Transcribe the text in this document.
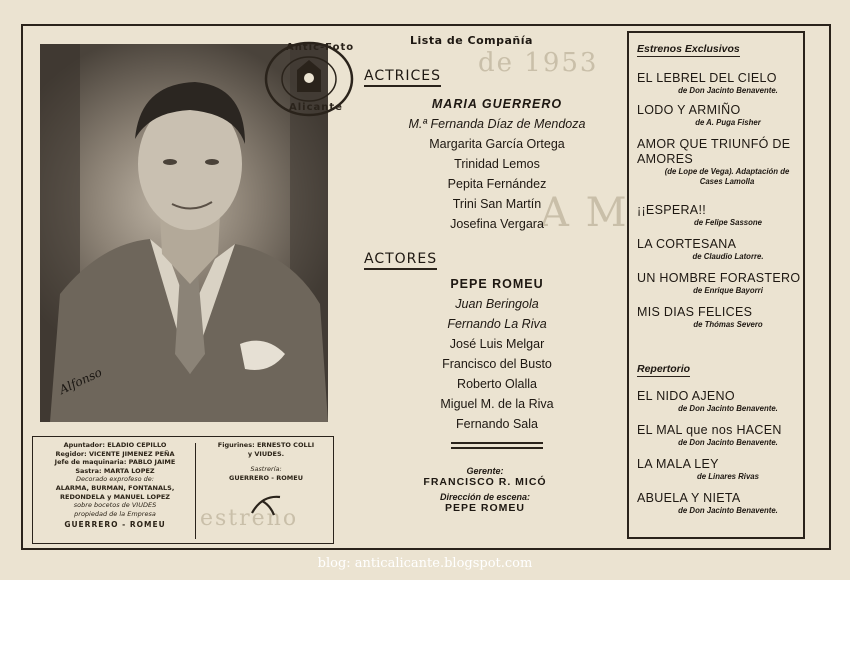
de 1953
A M
estreno
Alfonso
Antic-Foto
Alicante
Apuntador: ELADIO CEPILLO
Regidor: VICENTE JIMENEZ PEÑA
Jefe de maquinaria: PABLO JAIME
Sastra: MARTA LOPEZ
Decorado exprofeso de:
ALARMA, BURMAN, FONTANALS,
REDONDELA y MANUEL LOPEZ
sobre bocetos de VIUDES
propiedad de la Empresa
GUERRERO - ROMEU
Figurines: ERNESTO COLLI
y VIUDES.
Sastrería:
GUERRERO - ROMEU
Lista de Compañía
ACTRICES
MARIA GUERRERO
M.ª Fernanda Díaz de Mendoza
Margarita García Ortega
Trinidad Lemos
Pepita Fernández
Trini San Martín
Josefina Vergara
ACTORES
PEPE ROMEU
Juan Beringola
Fernando La Riva
José Luis Melgar
Francisco del Busto
Roberto Olalla
Miguel M. de la Riva
Fernando Sala
Gerente:
FRANCISCO R. MICÓ
Dirección de escena:
PEPE ROMEU
Estrenos Exclusivos
EL LEBREL DEL CIELO
de Don Jacinto Benavente.
LODO Y ARMIÑO
de A. Puga Fisher
AMOR QUE TRIUNFÓ DE AMORES
(de Lope de Vega). Adaptación de Cases Lamolla
¡¡ESPERA!!
de Felipe Sassone
LA CORTESANA
de Claudio Latorre.
UN HOMBRE FORASTERO
de Enrique Bayorri
MIS DIAS FELICES
de Thómas Severo
Repertorio
EL NIDO AJENO
de Don Jacinto Benavente.
EL MAL que nos HACEN
de Don Jacinto Benavente.
LA MALA LEY
de Linares Rivas
ABUELA Y NIETA
de Don Jacinto Benavente.
blog: anticalicante.blogspot.com
